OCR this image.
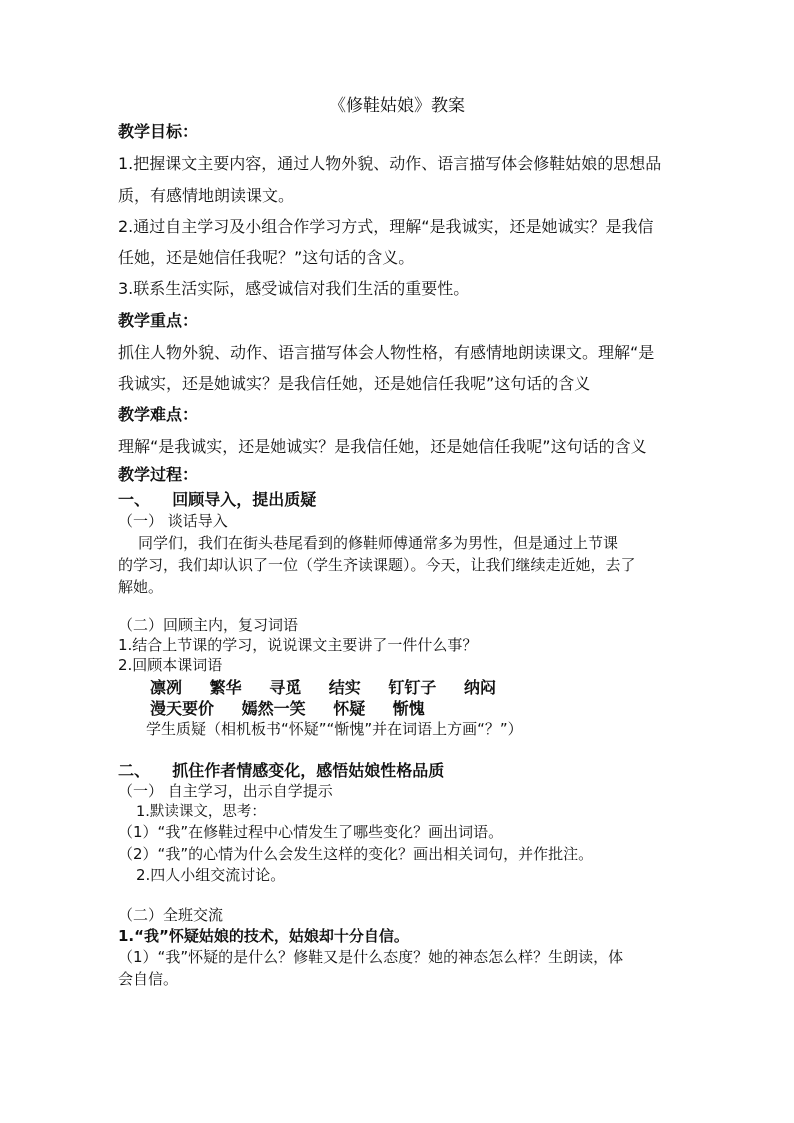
《修鞋姑娘》教案
教学目标：
1.把握课文主要内容，通过人物外貌、动作、语言描写体会修鞋姑娘的思想品
质，有感情地朗读课文。
2.通过自主学习及小组合作学习方式，理解“是我诚实，还是她诚实？是我信
任她，还是她信任我呢？”这句话的含义。
3.联系生活实际，感受诚信对我们生活的重要性。
教学重点：
抓住人物外貌、动作、语言描写体会人物性格，有感情地朗读课文。理解“是
我诚实，还是她诚实？是我信任她，还是她信任我呢”这句话的含义
教学难点：
理解“是我诚实，还是她诚实？是我信任她，还是她信任我呢”这句话的含义
教学过程：
一、    回顾导入，提出质疑
（一） 谈话导入
同学们，我们在街头巷尾看到的修鞋师傅通常多为男性，但是通过上节课
的学习，我们却认识了一位（学生齐读课题）。今天，让我们继续走近她，去了
解她。
（二）回顾主内，复习词语
1.结合上节课的学习，说说课文主要讲了一件什么事？
2.回顾本课词语
凛冽 繁华 寻觅 结实 钉钉子 纳闷
漫天要价 嫣然一笑 怀疑 惭愧
学生质疑（相机板书“怀疑”“惭愧”并在词语上方画“？”）
二、    抓住作者情感变化，感悟姑娘性格品质
（一） 自主学习，出示自学提示
1.默读课文，思考：
（1）“我”在修鞋过程中心情发生了哪些变化？画出词语。
（2）“我”的心情为什么会发生这样的变化？画出相关词句，并作批注。
2.四人小组交流讨论。
（二）全班交流
1.“我”怀疑姑娘的技术，姑娘却十分自信。
（1）“我”怀疑的是什么？修鞋又是什么态度？她的神态怎么样？生朗读，体
会自信。
